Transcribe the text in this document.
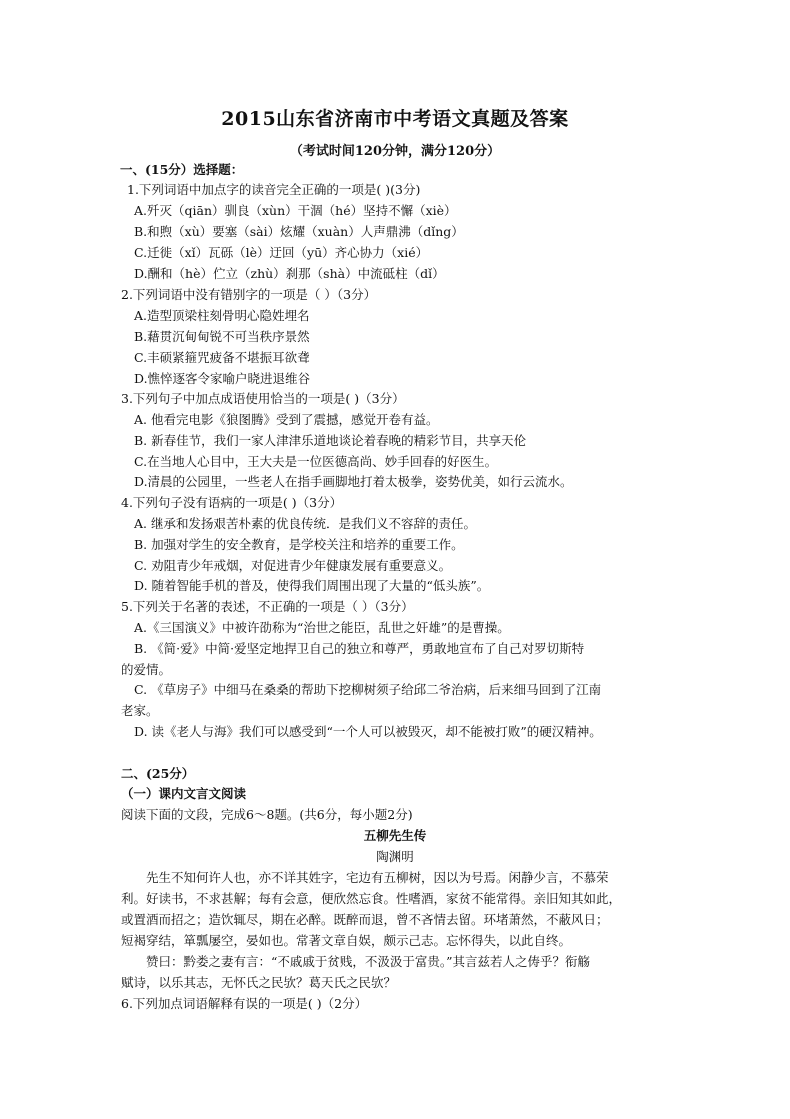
2015山东省济南市中考语文真题及答案
（考试时间120分钟，满分120分）
一、(15分）选择题：
1.下列词语中加点字的读音完全正确的一项是( )(3分)
A.歼灭（qiān）驯良（xùn）干涸（hé）坚持不懈（xiè）
B.和煦（xù）要塞（sài）炫耀（xuàn）人声鼎沸（dǐng）
C.迁徙（xǐ）瓦砾（lè）迂回（yū）齐心协力（xié）
D.酬和（hè）伫立（zhù）刹那（shà）中流砥柱（dǐ）
2.下列词语中没有错别字的一项是（ ）（3分）
A.造型顶梁柱刻骨明心隐姓埋名
B.藉贯沉甸甸锐不可当秩序景然
C.丰硕紧箍咒疲备不堪振耳欲聋
D.憔悴逐客令家喻户晓进退维谷
3.下列句子中加点成语使用恰当的一项是( )（3分）
A. 他看完电影《狼图腾》受到了震撼，感觉开卷有益。
B. 新春佳节，我们一家人津津乐道地谈论着春晚的精彩节目，共享天伦
C.在当地人心目中，王大夫是一位医德高尚、妙手回春的好医生。
D.清晨的公园里，一些老人在指手画脚地打着太极拳，姿势优美，如行云流水。
4.下列句子没有语病的一项是( )（3分）
A. 继承和发扬艰苦朴素的优良传统．是我们义不容辞的责任。
B. 加强对学生的安全教育，是学校关注和培养的重要工作。
C. 劝阻青少年戒烟，对促进青少年健康发展有重要意义。
D. 随着智能手机的普及，使得我们周围出现了大量的“低头族”。
5.下列关于名著的表述，不正确的一项是（ ）（3分）
A.《三国演义》中被许劭称为“治世之能臣，乱世之奸雄”的是曹操。
B. 《简·爱》中简·爱坚定地捍卫自己的独立和尊严，勇敢地宣布了自己对罗切斯特
的爱情。
C. 《草房子》中细马在桑桑的帮助下挖柳树须子给邱二爷治病，后来细马回到了江南
老家。
D. 读《老人与海》我们可以感受到“一个人可以被毁灭，却不能被打败”的硬汉精神。
二、(25分）
（一）课内文言文阅读
阅读下面的文段，完成6～8题。(共6分，每小题2分)
五柳先生传
陶渊明
先生不知何许人也，亦不详其姓字，宅边有五柳树，因以为号焉。闲静少言，不慕荣
利。好读书，不求甚解；每有会意，便欣然忘食。性嗜酒，家贫不能常得。亲旧知其如此，
或置酒而招之；造饮辄尽，期在必醉。既醉而退，曾不吝情去留。环堵萧然，不蔽风日；
短褐穿结，箪瓢屡空，晏如也。常著文章自娱，颇示己志。忘怀得失，以此自终。
赞曰：黔娄之妻有言：“不戚戚于贫贱，不汲汲于富贵。”其言兹若人之俦乎？衔觞
赋诗，以乐其志，无怀氏之民欤？葛天氏之民欤？
6.下列加点词语解释有误的一项是( )（2分）
